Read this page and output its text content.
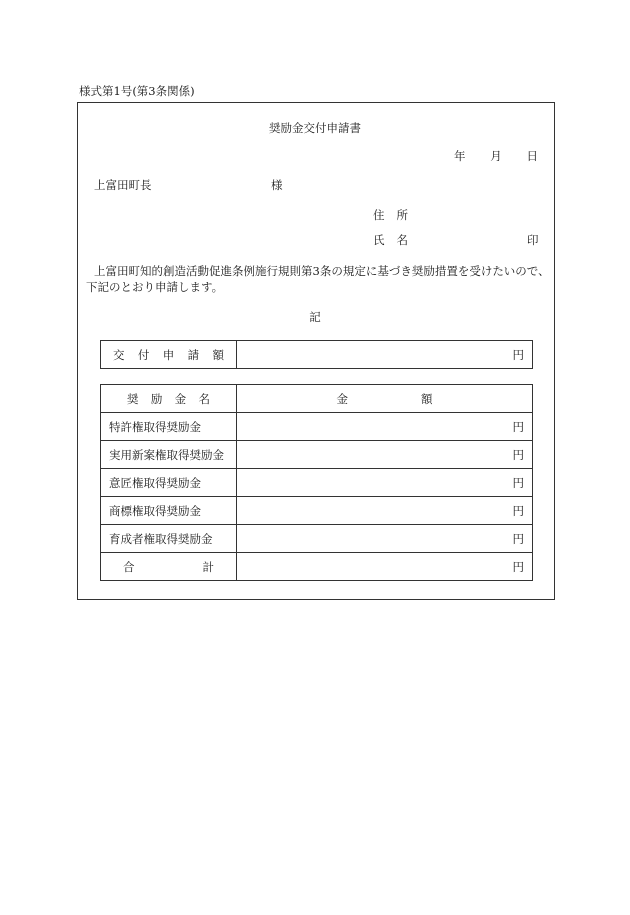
様式第1号(第3条関係)
奨励金交付申請書
年 月 日
上富田町長	様
住 所
氏 名	印
上富田町知的創造活動促進条例施行規則第3条の規定に基づき奨励措置を受けたいので、下記のとおり申請します。
記
交 付 申 請 額	円
奨 励 金 名	金 額

特許権取得奨励金	円
実用新案権取得奨励金	円
意匠権取得奨励金	円
商標権取得奨励金	円
育成者権取得奨励金	円

合 計	円
